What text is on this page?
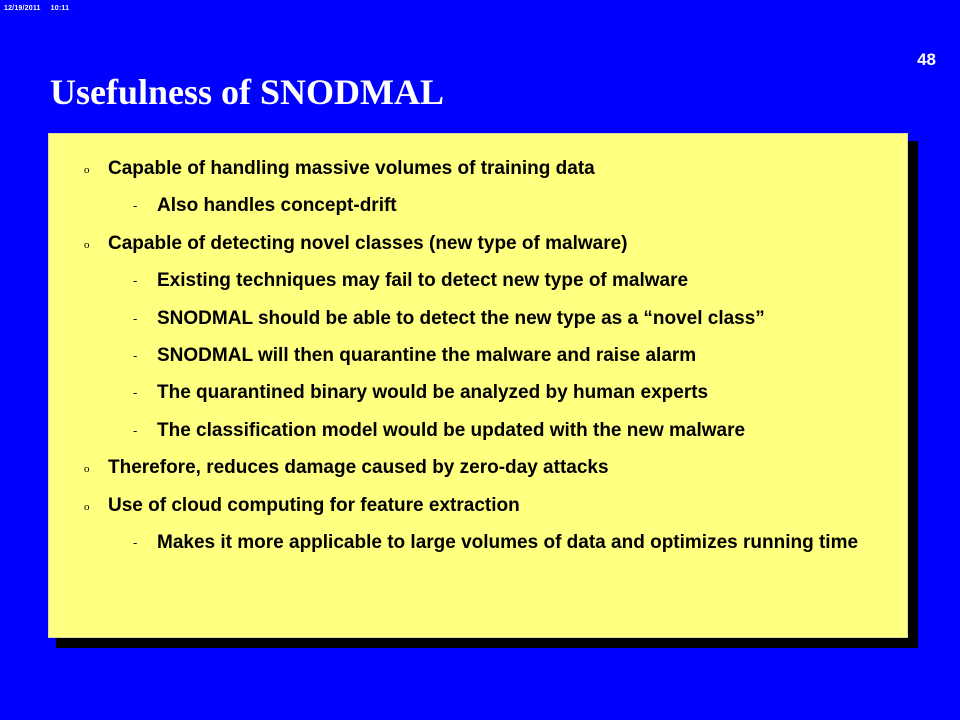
12/19/2011 10:11
48
Usefulness of SNODMAL
o Capable of handling massive volumes of training data
- Also handles concept-drift
o Capable of detecting novel classes (new type of malware)
- Existing techniques may fail to detect new type of malware
- SNODMAL should be able to detect the new type as a “novel class”
- SNODMAL will then quarantine the malware and raise alarm
- The quarantined binary would be analyzed by human experts
- The classification model would be updated with the new malware
o Therefore, reduces damage caused by zero-day attacks
o Use of cloud computing for feature extraction
- Makes it more applicable to large volumes of data and optimizes running time
